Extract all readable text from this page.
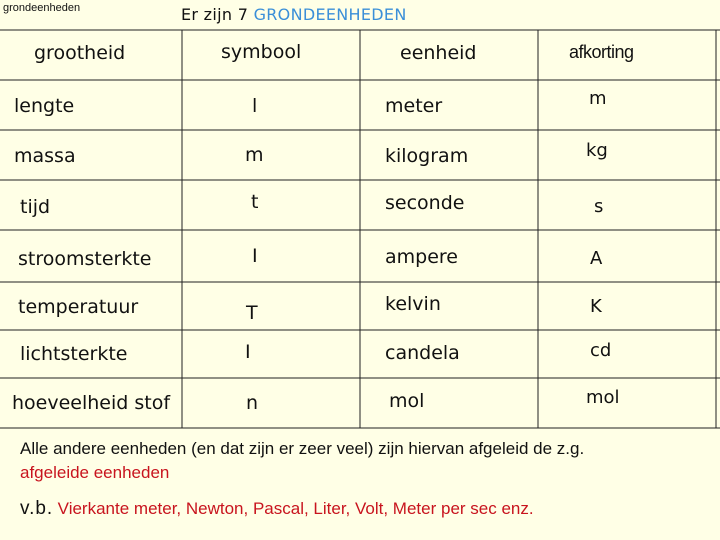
grondeenheden	Er zijn 7 GRONDEENHEDEN
grootheid	symbool	eenheid	afkorting
lengte	l	meter	m
massa	m	kilogram	kg
tijd	t	seconde	s
stroomsterkte	I	ampere	A
temperatuur	T	kelvin	K
lichtsterkte	I	candela	cd
hoeveelheid stof	n	mol	mol
Alle andere eenheden (en dat zijn er zeer veel) zijn hiervan afgeleid de z.g.
afgeleide eenheden
v.b. Vierkante meter, Newton, Pascal, Liter, Volt, Meter per sec enz.
